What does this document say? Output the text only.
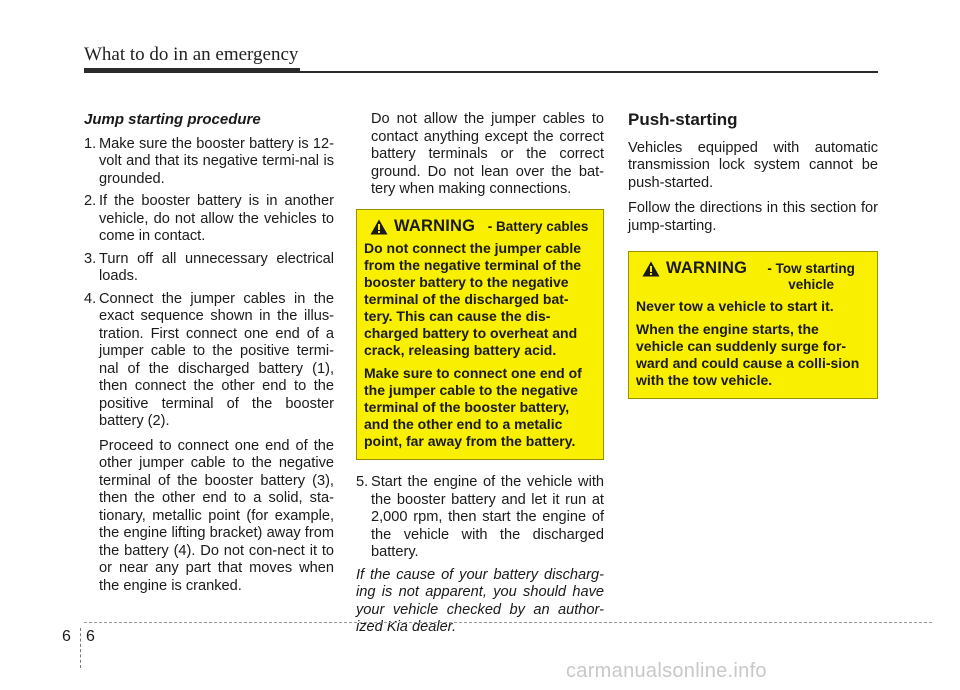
What to do in an emergency
Jump starting procedure
1. Make sure the booster battery is 12-volt and that its negative termi-nal is grounded.
2. If the booster battery is in another vehicle, do not allow the vehicles to come in contact.
3. Turn off all unnecessary electrical loads.
4. Connect the jumper cables in the exact sequence shown in the illus-tration. First connect one end of a jumper cable to the positive termi-nal of the discharged battery (1), then connect the other end to the positive terminal of the booster battery (2).
Proceed to connect one end of the other jumper cable to the negative terminal of the booster battery (3), then the other end to a solid, sta-tionary, metallic point (for example, the engine lifting bracket) away from the battery (4). Do not con-nect it to or near any part that moves when the engine is cranked.
Do not allow the jumper cables to contact anything except the correct battery terminals or the correct ground. Do not lean over the bat-tery when making connections.
WARNING - Battery cables

Do not connect the jumper cable from the negative terminal of the booster battery to the negative terminal of the discharged bat-tery. This can cause the dis-charged battery to overheat and crack, releasing battery acid.

Make sure to connect one end of the jumper cable to the negative terminal of the booster battery, and the other end to a metalic point, far away from the battery.

5. Start the engine of the vehicle with the booster battery and let it run at 2,000 rpm, then start the engine of the vehicle with the discharged battery.
If the cause of your battery discharg-ing is not apparent, you should have your vehicle checked by an author-ized Kia dealer.
Push-starting
Vehicles equipped with automatic transmission lock system cannot be push-started.
Follow the directions in this section for jump-starting.
WARNING	- Tow starting vehicle

Never tow a vehicle to start it.

When the engine starts, the vehicle can suddenly surge for-ward and could cause a colli-sion with the tow vehicle.

6 6
carmanualsonline.info
